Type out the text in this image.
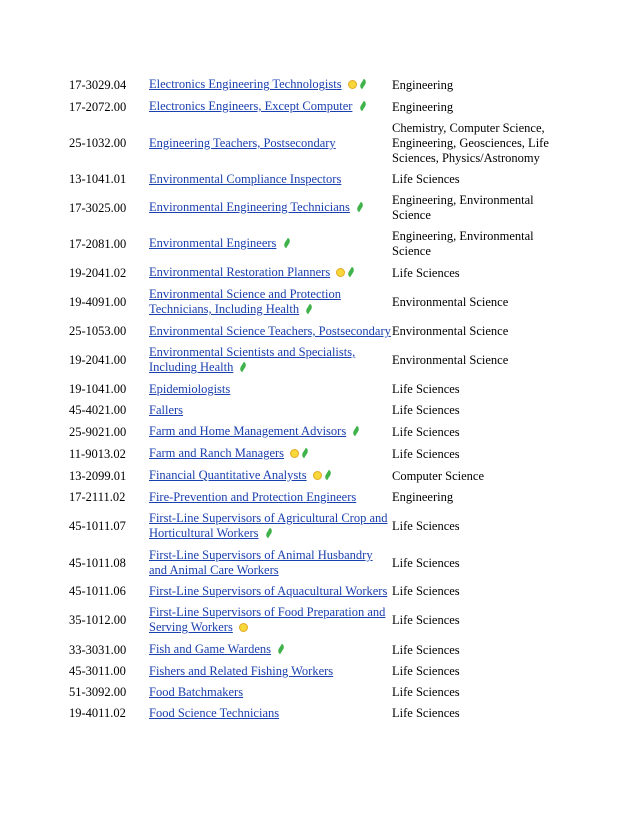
17-3029.04	Electronics Engineering Technologists	Engineering
17-2072.00	Electronics Engineers, Except Computer	Engineering
25-1032.00	Engineering Teachers, Postsecondary	Chemistry, Computer Science, Engineering, Geosciences, Life Sciences, Physics/Astronomy
13-1041.01	Environmental Compliance Inspectors	Life Sciences
17-3025.00	Environmental Engineering Technicians	Engineering, Environmental Science
17-2081.00	Environmental Engineers	Engineering, Environmental Science
19-2041.02	Environmental Restoration Planners	Life Sciences
19-4091.00	Environmental Science and Protection Technicians, Including Health	Environmental Science
25-1053.00	Environmental Science Teachers, Postsecondary	Environmental Science
19-2041.00	Environmental Scientists and Specialists, Including Health	Environmental Science
19-1041.00	Epidemiologists	Life Sciences
45-4021.00	Fallers	Life Sciences
25-9021.00	Farm and Home Management Advisors	Life Sciences
11-9013.02	Farm and Ranch Managers	Life Sciences
13-2099.01	Financial Quantitative Analysts	Computer Science
17-2111.02	Fire-Prevention and Protection Engineers	Engineering
45-1011.07	First-Line Supervisors of Agricultural Crop and Horticultural Workers	Life Sciences
45-1011.08	First-Line Supervisors of Animal Husbandry and Animal Care Workers	Life Sciences
45-1011.06	First-Line Supervisors of Aquacultural Workers	Life Sciences
35-1012.00	First-Line Supervisors of Food Preparation and Serving Workers	Life Sciences
33-3031.00	Fish and Game Wardens	Life Sciences
45-3011.00	Fishers and Related Fishing Workers	Life Sciences
51-3092.00	Food Batchmakers	Life Sciences
19-4011.02	Food Science Technicians	Life Sciences
